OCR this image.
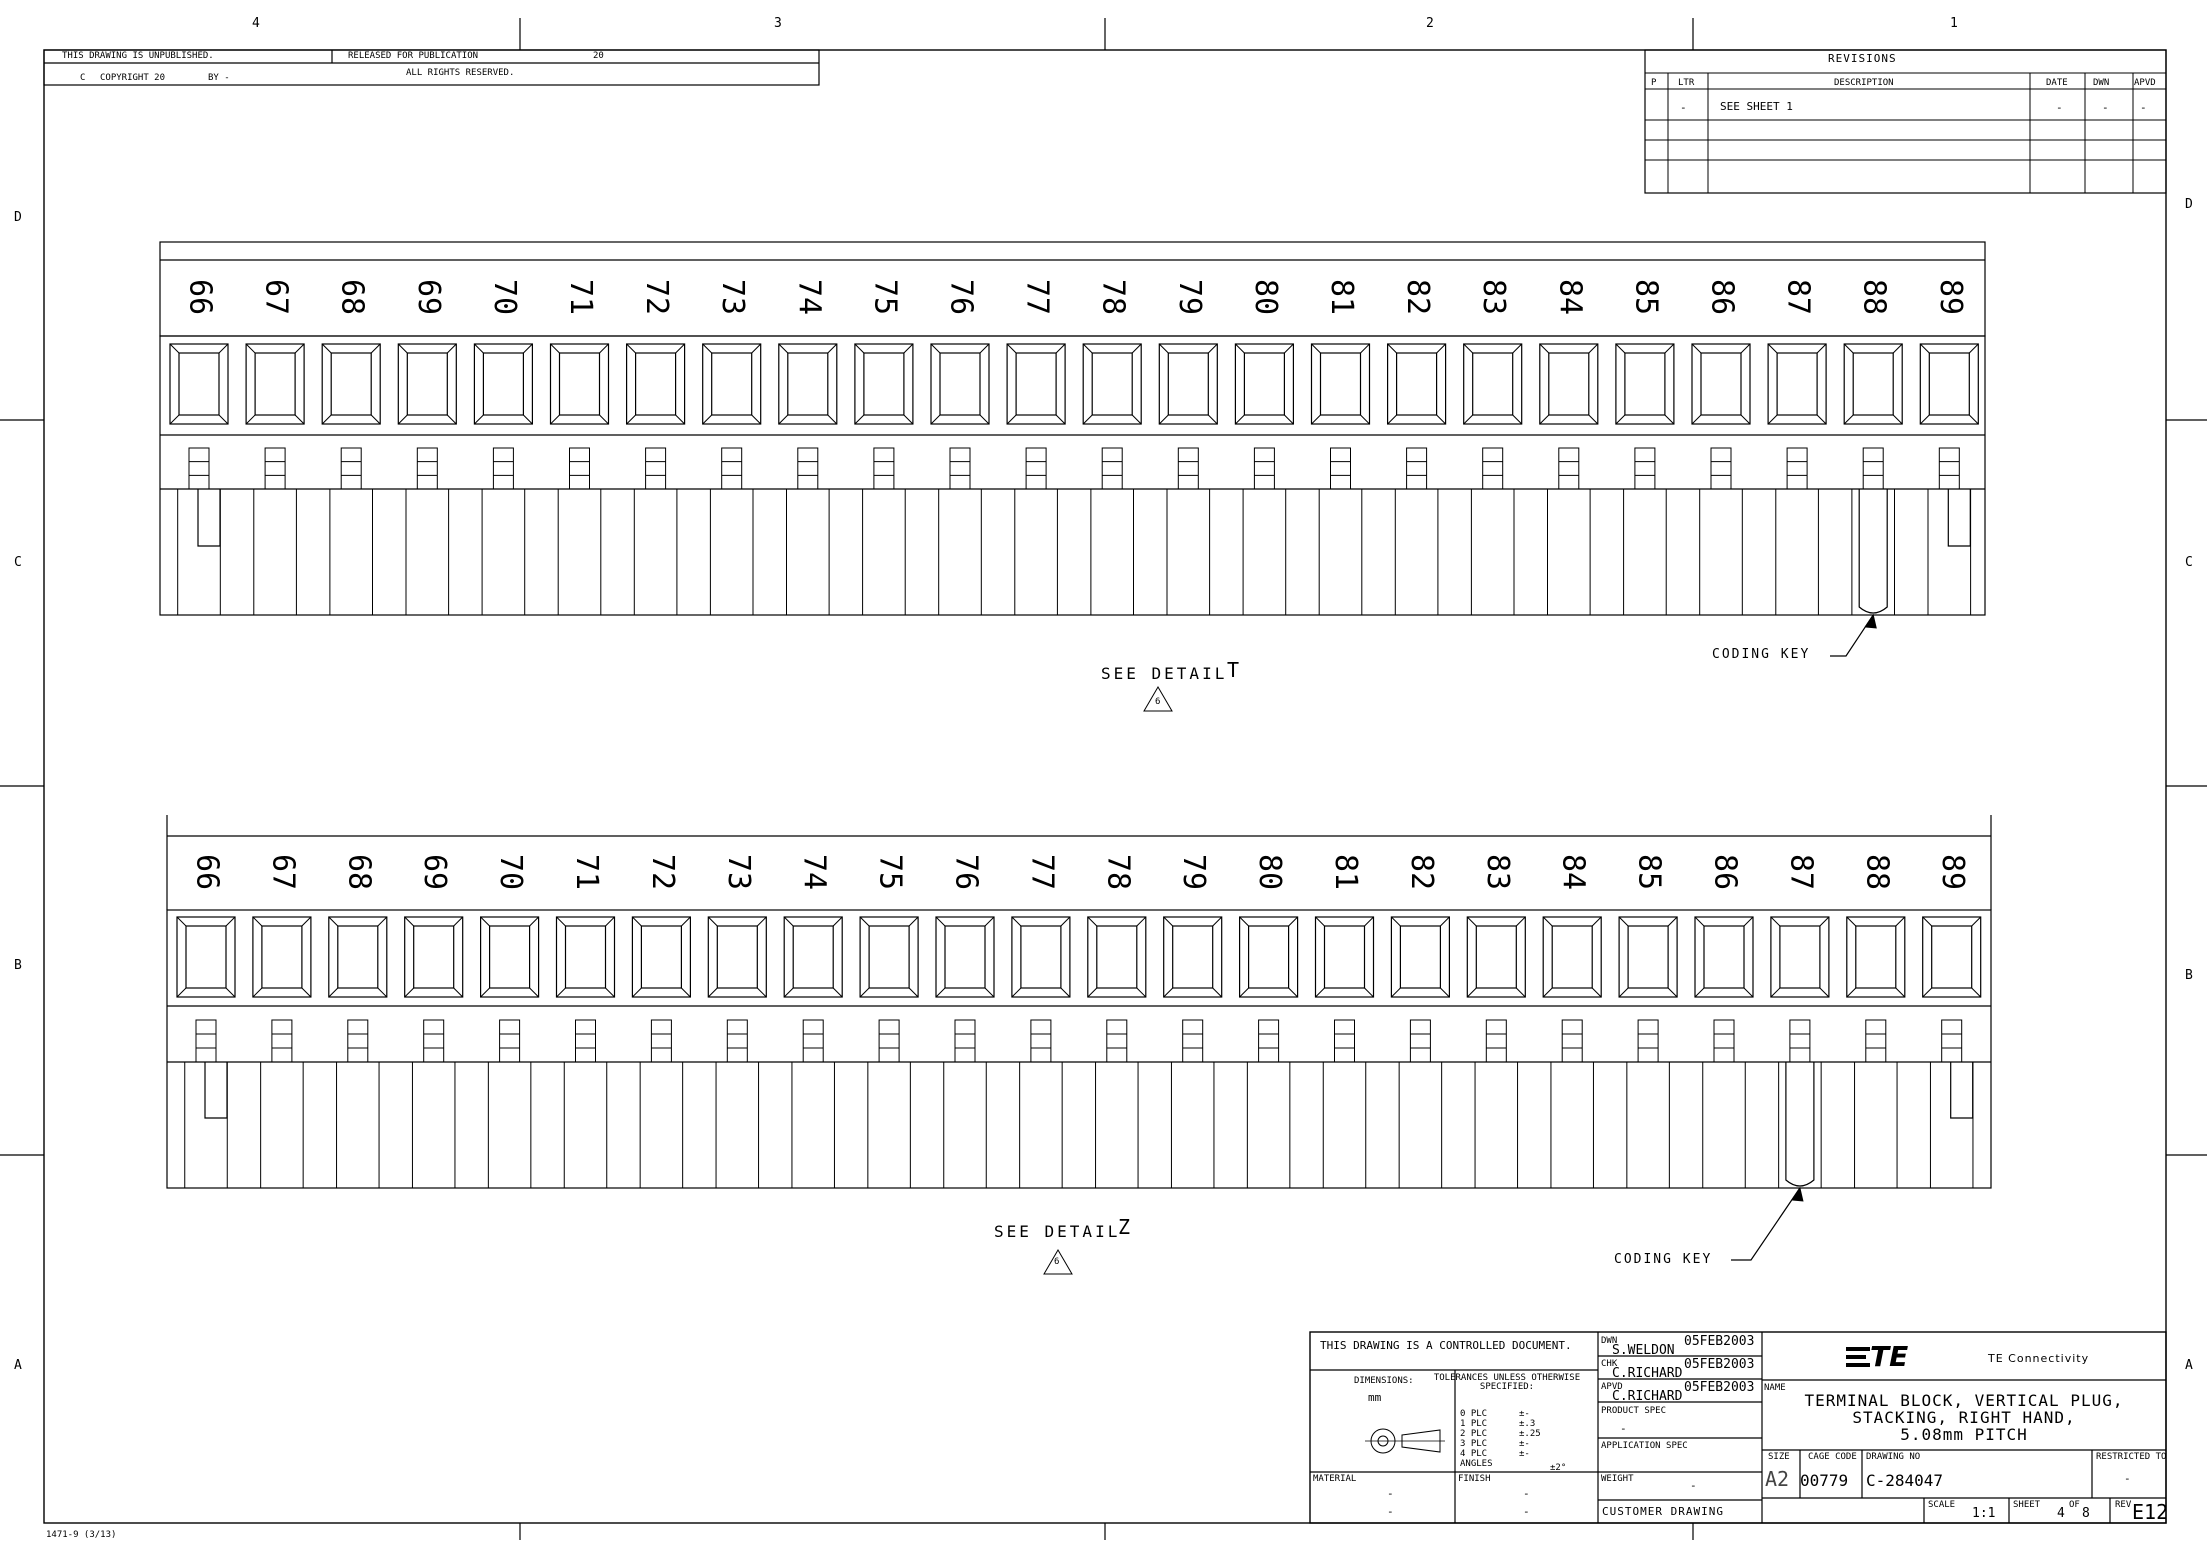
66 67 68 69 70 71 72 73 74 75 76 77 78 79 80 81 82 83 84 85 86 87 88 89
66 67 68 69 70 71 72 73 74 75 76 77 78 79 80 81 82 83 84 85 86 87 88 89
4	3	2	1
D
D
C	C
B
B
A	A
THIS DRAWING IS UNPUBLISHED.	RELEASED FOR PUBLICATION	20
C COPYRIGHT 20	BY -	ALL RIGHTS RESERVED.
REVISIONS
P LTR	DESCRIPTION	DATE	DWN	APVD
-	SEE SHEET 1	-	-	-
SEE DETAIL T
6
CODING KEY
SEE DETAIL
Z
6	CODING KEY
THIS DRAWING IS A CONTROLLED DOCUMENT.
DIMENSIONS:
mm
TOLERANCES UNLESS OTHERWISE SPECIFIED:
0 PLC	±-
1 PLC	±.3
2 PLC	±.25
3 PLC	±-
4 PLC	±-
ANGLES	±2°
MATERIAL
-
-
FINISH
-
-
DWN
S.WELDON
05FEB2003
CHK
C.RICHARD
05FEB2003
APVD
C.RICHARD
05FEB2003
PRODUCT SPEC
-
APPLICATION SPEC
WEIGHT	-
CUSTOMER DRAWING
TE	TE Connectivity
NAME
TERMINAL BLOCK, VERTICAL PLUG,
STACKING, RIGHT HAND,
5.08mm PITCH
SIZE
A2
CAGE CODE
00779
DRAWING NO
C-284047
RESTRICTED TO
-
SCALE
1:1
SHEET
4
OF
8
REV E12
1471-9 (3/13)
